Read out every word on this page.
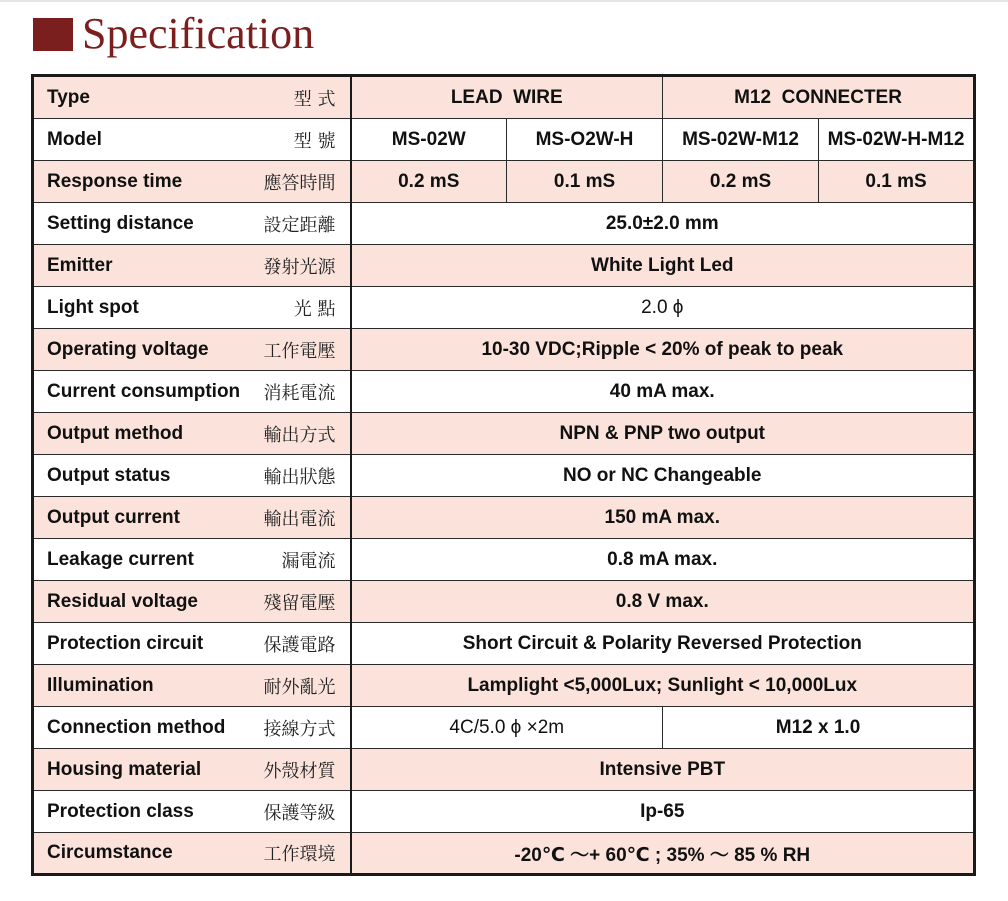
Specification
Type 型 式	LEAD  WIRE		M12  CONNECTER	

Model 型 號	MS-02W	MS-O2W-H	MS-02W-M12	MS-02W-H-M12

Response time 應答時間	0.2 mS	0.1 mS	0.2 mS	0.1 mS

Setting distance 設定距離	25.0±2.0 mm			

Emitter 發射光源	White Light Led			

Light spot 光 點	2.0 ϕ			

Operating voltage 工作電壓	10-30 VDC;Ripple < 20% of peak to peak			

Current consumption 消耗電流	40 mA max.			

Output method 輸出方式	NPN & PNP two output			

Output status 輸出狀態	NO or NC Changeable			

Output current 輸出電流	150 mA max.			

Leakage current 漏電流	0.8 mA max.			

Residual voltage 殘留電壓	0.8 V max.			

Protection circuit 保護電路	Short Circuit & Polarity Reversed Protection			

Illumination 耐外亂光	Lamplight <5,000Lux; Sunlight < 10,000Lux			

Connection method 接線方式	4C/5.0 ϕ ×2m		M12 x 1.0	

Housing material 外殼材質	Intensive PBT			

Protection class 保護等級	Ip-65			

Circumstance 工作環境	-20℃ ～+ 60℃ ; 35% ～ 85 % RH			
